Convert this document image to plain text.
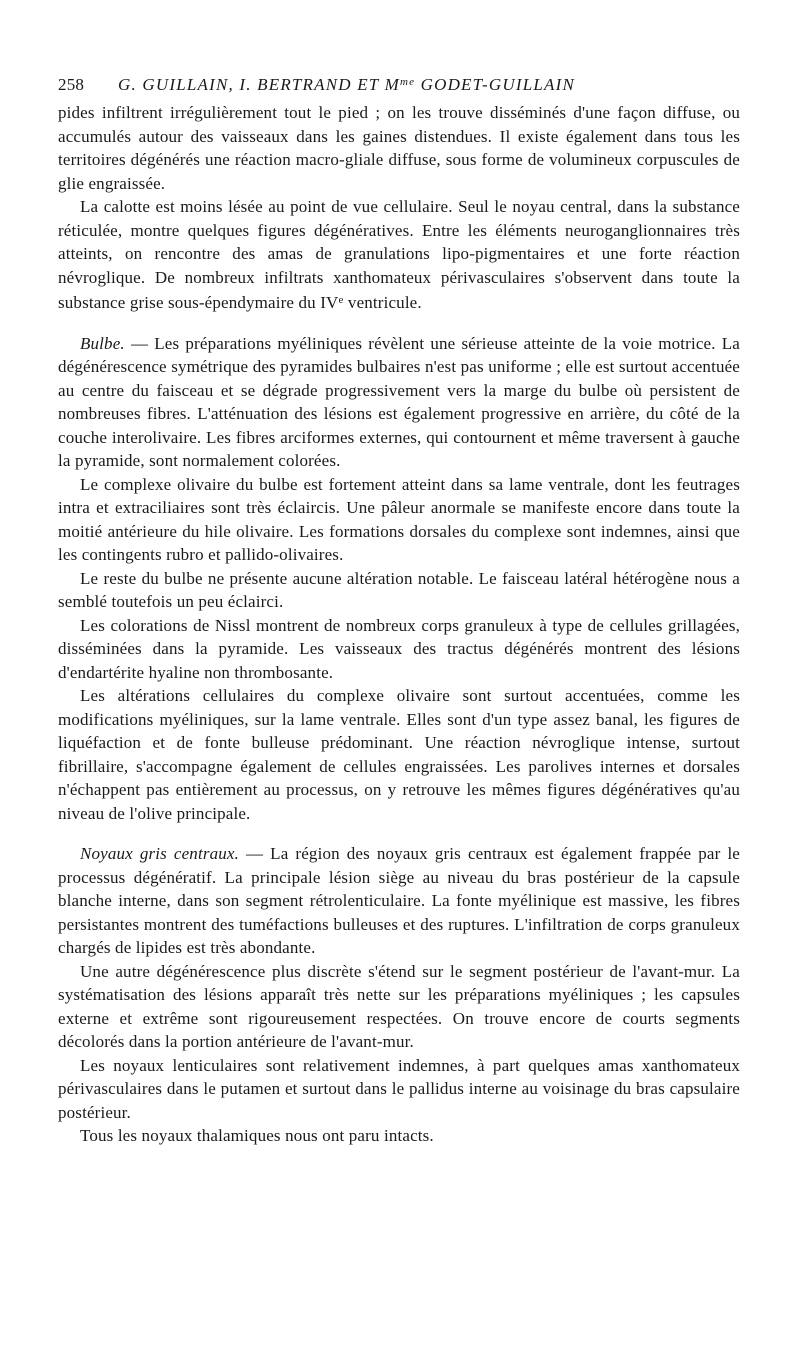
258 G. GUILLAIN, I. BERTRAND ET $M^{me}$ GODET-GUILLAIN

pides infiltrent irrégulièrement tout le pied ; on les trouve disséminés d'une façon diffuse, ou accumulés autour des vaisseaux dans les gaines distendues. Il existe également dans tous les territoires dégénérés une réaction macro-gliale diffuse, sous forme de volumineux corpuscules de glie engraissée.

La calotte est moins lésée au point de vue cellulaire. Seul le noyau central, dans la substance réticulée, montre quelques figures dégénératives. Entre les éléments neuroganglionnaires très atteints, on rencontre des amas de granulations lipo-pigmentaires et une forte réaction névroglique. De nombreux infiltrats xanthomateux périvasculaires s'observent dans toute la substance grise sous-épendymaire du IVe ventricule.

Bulbe. — Les préparations myéliniques révèlent une sérieuse atteinte de la voie motrice. La dégénérescence symétrique des pyramides bulbaires n'est pas uniforme ; elle est surtout accentuée au centre du faisceau et se dégrade progressivement vers la marge du bulbe où persistent de nombreuses fibres. L'atténuation des lésions est également progressive en arrière, du côté de la couche interolivaire. Les fibres arciformes externes, qui contournent et même traversent à gauche la pyramide, sont normalement colorées.

Le complexe olivaire du bulbe est fortement atteint dans sa lame ventrale, dont les feutrages intra et extraciliaires sont très éclaircis. Une pâleur anormale se manifeste encore dans toute la moitié antérieure du hile olivaire. Les formations dorsales du complexe sont indemnes, ainsi que les contingents rubro et pallido-olivaires.

Le reste du bulbe ne présente aucune altération notable. Le faisceau latéral hétérogène nous a semblé toutefois un peu éclairci.

Les colorations de Nissl montrent de nombreux corps granuleux à type de cellules grillagées, disséminées dans la pyramide. Les vaisseaux des tractus dégénérés montrent des lésions d'endartérite hyaline non thrombosante.

Les altérations cellulaires du complexe olivaire sont surtout accentuées, comme les modifications myéliniques, sur la lame ventrale. Elles sont d'un type assez banal, les figures de liquéfaction et de fonte bulleuse prédominant. Une réaction névroglique intense, surtout fibrillaire, s'accompagne également de cellules engraissées. Les parolives internes et dorsales n'échappent pas entièrement au processus, on y retrouve les mêmes figures dégénératives qu'au niveau de l'olive principale.

Noyaux gris centraux. — La région des noyaux gris centraux est également frappée par le processus dégénératif. La principale lésion siège au niveau du bras postérieur de la capsule blanche interne, dans son segment rétrolenticulaire. La fonte myélinique est massive, les fibres persistantes montrent des tuméfactions bulleuses et des ruptures. L'infiltration de corps granuleux chargés de lipides est très abondante.

Une autre dégénérescence plus discrète s'étend sur le segment postérieur de l'avant-mur. La systématisation des lésions apparaît très nette sur les préparations myéliniques ; les capsules externe et extrême sont rigoureusement respectées. On trouve encore de courts segments décolorés dans la portion antérieure de l'avant-mur.

Les noyaux lenticulaires sont relativement indemnes, à part quelques amas xanthomateux périvasculaires dans le putamen et surtout dans le pallidus interne au voisinage du bras capsulaire postérieur.

Tous les noyaux thalamiques nous ont paru intacts.
